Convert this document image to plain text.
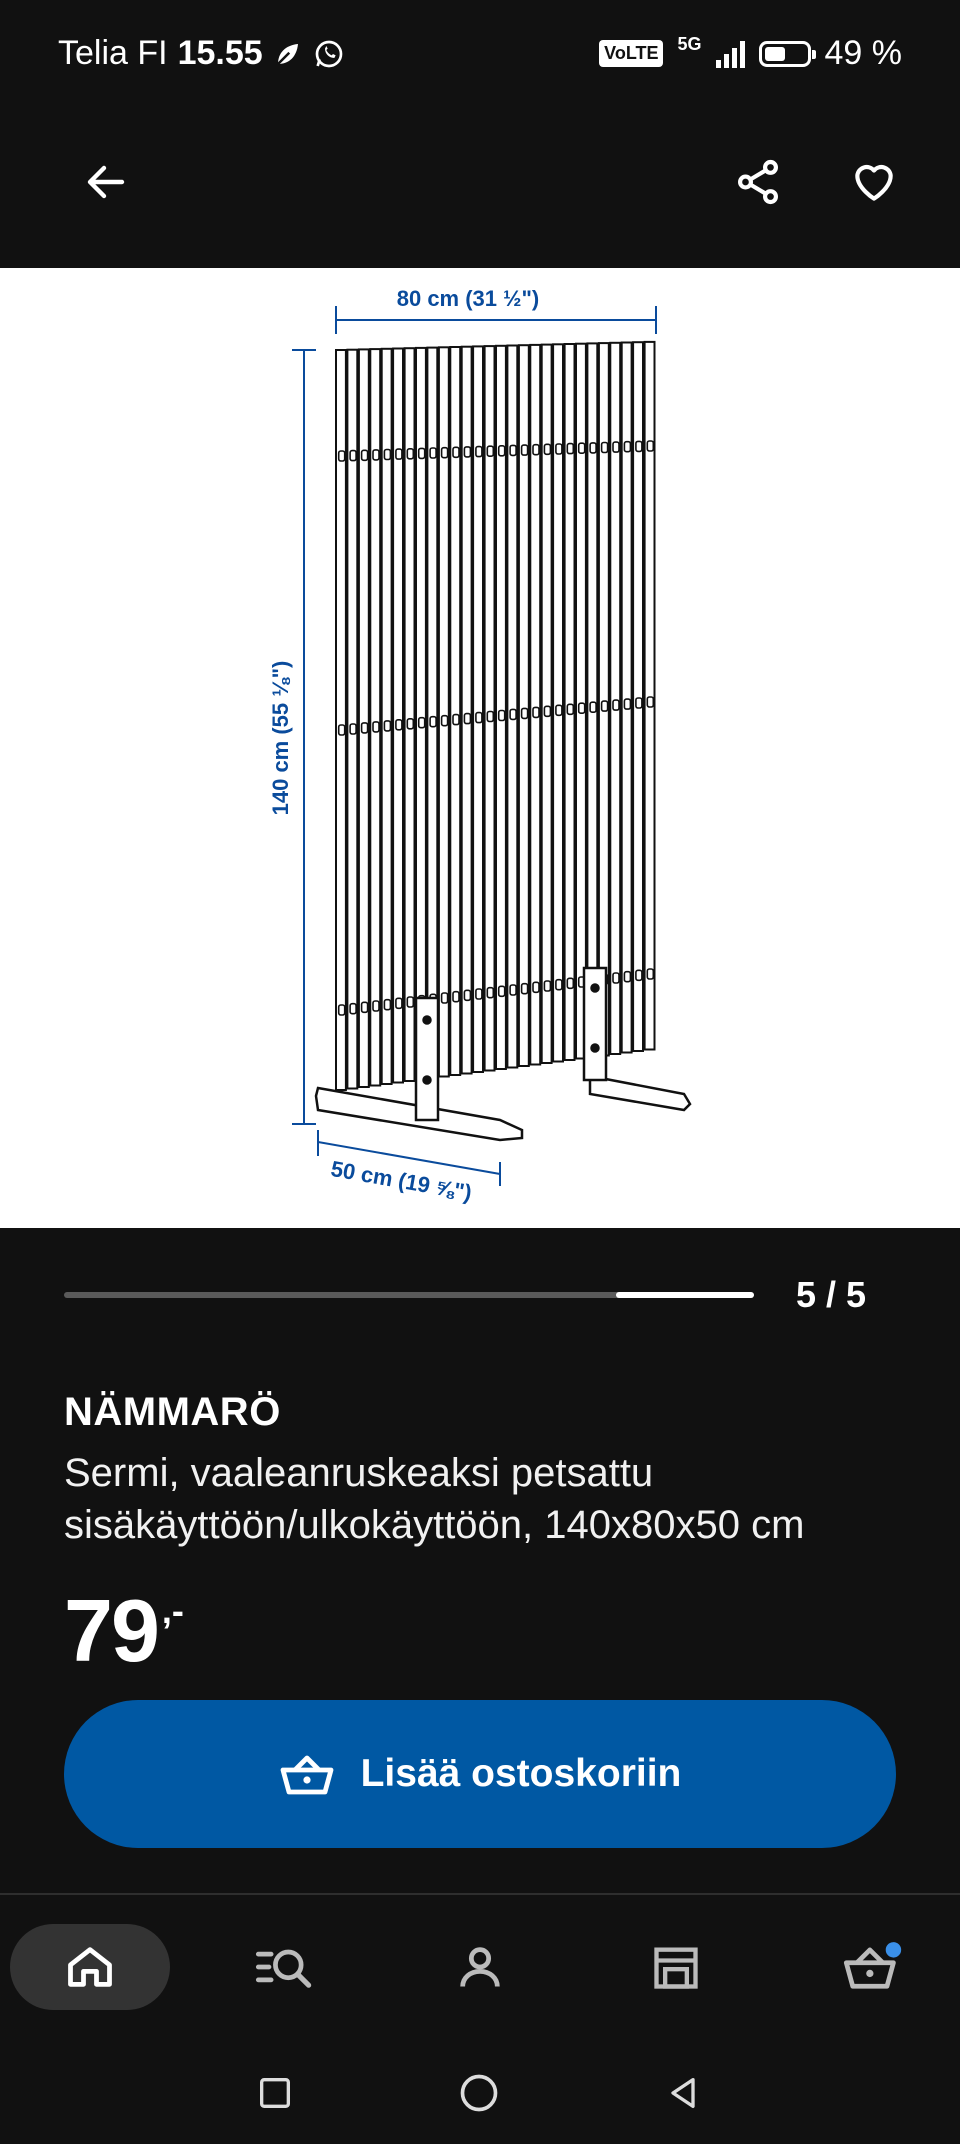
Telia FI 15.55	VoLTE 5G	49 %
80 cm (31 ½")
140 cm (55 ⅛")
50 cm (19 ⅝")
5 / 5
NÄMMARÖ
Sermi, vaaleanruskeaksi petsattu sisäkäyttöön/ulkokäyttöön, 140x80x50 cm
79 ,-
Lisää ostoskoriin
